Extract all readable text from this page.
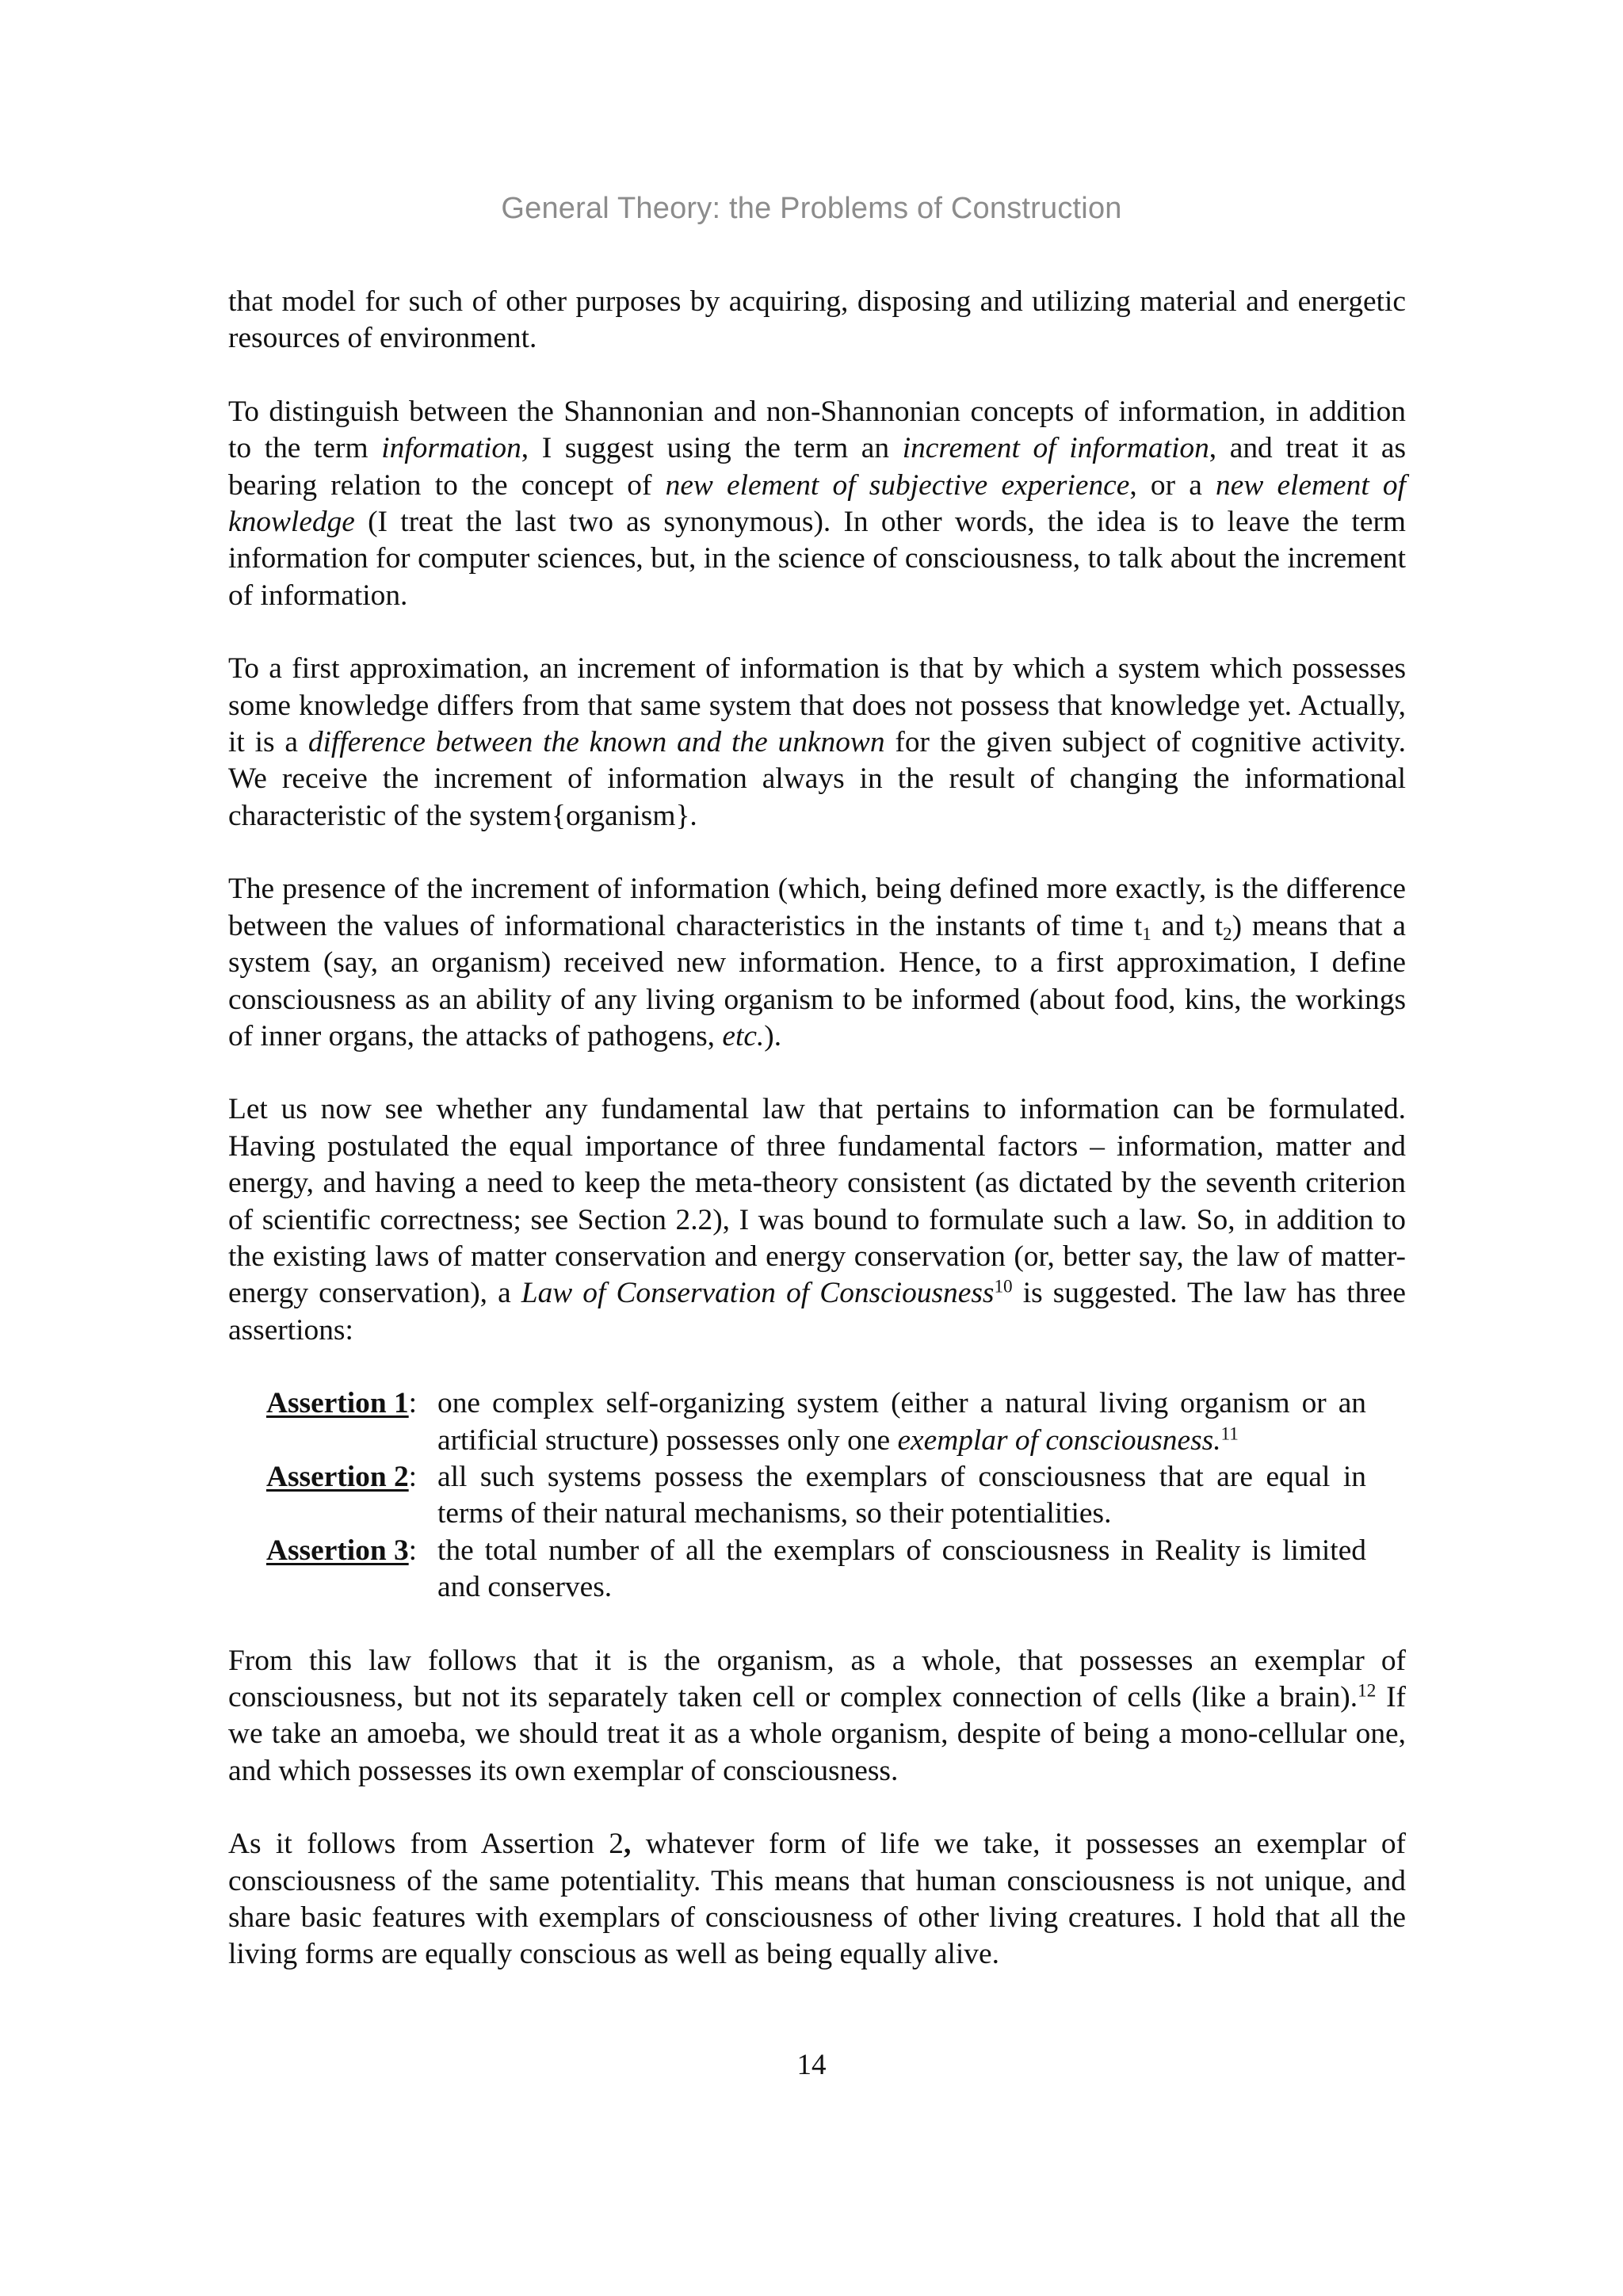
General Theory: the Problems of Construction

that model for such of other purposes by acquiring, disposing and utilizing material and energetic resources of environment.

To distinguish between the Shannonian and non-Shannonian concepts of information, in addition to the term information, I suggest using the term an increment of information, and treat it as bearing relation to the concept of new element of subjective experience, or a new element of knowledge (I treat the last two as synonymous). In other words, the idea is to leave the term information for computer sciences, but, in the science of consciousness, to talk about the increment of information.

To a first approximation, an increment of information is that by which a system which possesses some knowledge differs from that same system that does not possess that knowledge yet. Actually, it is a difference between the known and the unknown for the given subject of cognitive activity. We receive the increment of information always in the result of changing the informational characteristic of the system{organism}.

The presence of the increment of information (which, being defined more exactly, is the difference between the values of informational characteristics in the instants of time $t_1$ and $t_2$) means that a system (say, an organism) received new information. Hence, to a first approximation, I define consciousness as an ability of any living organism to be informed (about food, kins, the workings of inner organs, the attacks of pathogens, etc.).

Let us now see whether any fundamental law that pertains to information can be formulated. Having postulated the equal importance of three fundamental factors – information, matter and energy, and having a need to keep the meta-theory consistent (as dictated by the seventh criterion of scientific correctness; see Section 2.2), I was bound to formulate such a law. So, in addition to the existing laws of matter conservation and energy conservation (or, better say, the law of matter-energy conservation), a Law of Conservation of Consciousness$^{10}$ is suggested. The law has three assertions:

Assertion 1: one complex self-organizing system (either a natural living organism or an artificial structure) possesses only one exemplar of consciousness.$^{11}$
Assertion 2: all such systems possess the exemplars of consciousness that are equal in terms of their natural mechanisms, so their potentialities.
Assertion 3: the total number of all the exemplars of consciousness in Reality is limited and conserves.

From this law follows that it is the organism, as a whole, that possesses an exemplar of consciousness, but not its separately taken cell or complex connection of cells (like a brain).$^{12}$ If we take an amoeba, we should treat it as a whole organism, despite of being a mono-cellular one, and which possesses its own exemplar of consciousness.

As it follows from Assertion 2, whatever form of life we take, it possesses an exemplar of consciousness of the same potentiality. This means that human consciousness is not unique, and share basic features with exemplars of consciousness of other living creatures. I hold that all the living forms are equally conscious as well as being equally alive.

14
